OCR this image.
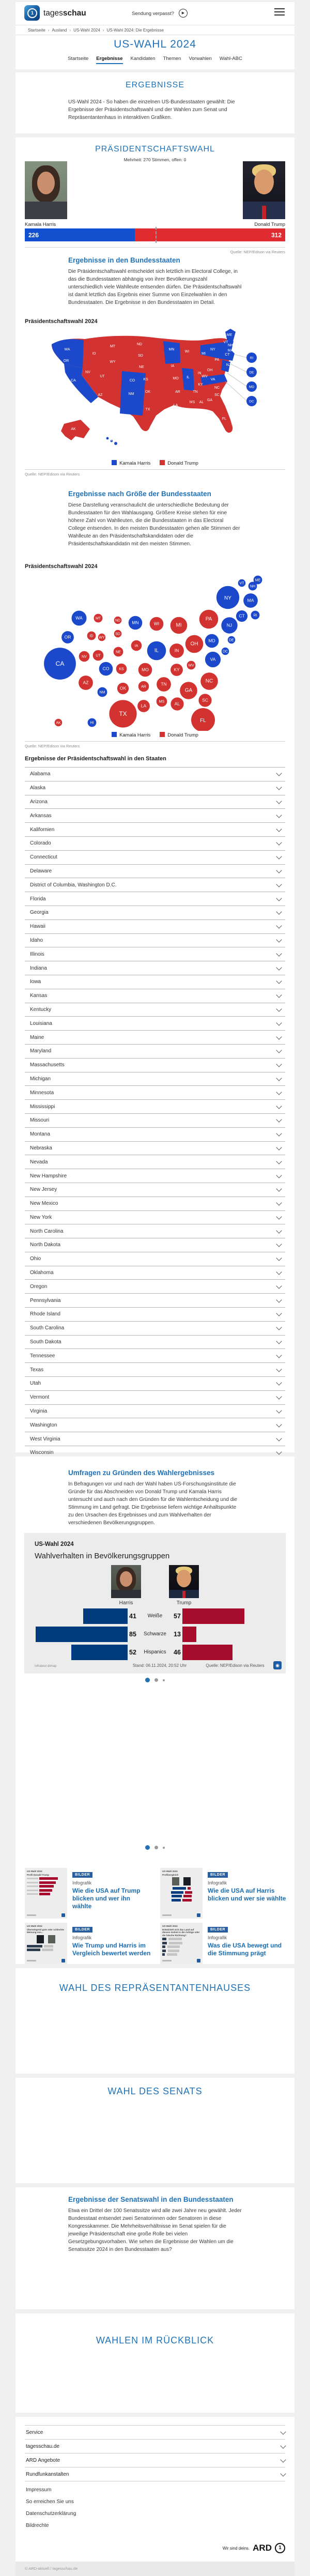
1	tagesschau	Sendung verpasst?	▶
Startseite › Ausland › US-Wahl 2024 › US-Wahl 2024: Die Ergebnisse
US-WAHL 2024
Startseite Ergebnisse Kandidaten Themen Vorwahlen Wahl-ABC
ERGEBNISSE
US-Wahl 2024 - So haben die einzelnen US-Bundesstaaten gewählt: Die Ergebnisse der Präsidentschaftswahl und der Wahlen zum Senat und Repräsentantenhaus in interaktiven Grafiken.
PRÄSIDENTSCHAFTSWAHL
Mehrheit: 270 Stimmen, offen: 0
Kamala Harris	Donald Trump
226	312
Quelle: NEP/Edison via Reuters
Ergebnisse in den Bundesstaaten
Die Präsidentschaftswahl entscheidet sich letztlich im Electoral College, in das die Bundesstaaten abhängig von ihrer Bevölkerungszahl unterschiedlich viele Wahlleute entsenden dürfen. Die Präsidentschaftswahl ist damit letztlich das Ergebnis einer Summe von Einzelwahlen in den Bundesstaaten. Die Ergebnisse in den Bundesstaaten im Detail.
Präsidentschaftswahl 2024
RI
DE
MD
DC
WA
OR
CA
NV
ID
MT
WY
UT
CO
AZ	NM
ND
SD
NE
KS
OK
TX
MN
IA
MO
AR
LA
WI
IL
MS
MI
IN
KY
TN
AL
OH
WV
VA
NC
SC
GA
FL
PA
NY
VT
NH
MA
CT
NJ
ME
AK
HI
Kamala Harris	Donald Trump
Quelle: NEP/Edison via Reuters
Ergebnisse nach Größe der Bundesstaaten
Diese Darstellung veranschaulicht die unterschiedliche Bedeutung der Bundesstaaten für den Wahlausgang. Größere Kreise stehen für eine höhere Zahl von Wahlleuten, die die Bundesstaaten in das Electoral College entsenden. In den meisten Bundesstaaten gehen alle Stimmen der Wahlleute an den Präsidentschaftskandidaten oder die Präsidentschaftskandidatin mit den meisten Stimmen.
Präsidentschaftswahl 2024
AL
AK
AZ
AR
CA
CO
CT
DE
DC
FL
GA
HI
ID
IL	IN
IA
KS	KY
LA
ME
MD
MA
MI
MN
MS
MO
MT
NE
NV
NH
NJ
NM
NY
NC
ND
OH
OK
OR
PA
RI
SC
SD
TN
TX
UT
VT
VA
WA
WV
WI
WY
Kamala Harris	Donald Trump
Quelle: NEP/Edison via Reuters
Ergebnisse der Präsidentschaftswahl in den Staaten
Alabama
Alaska
Arizona
Arkansas
Kalifornien
Colorado
Connecticut
Delaware
District of Columbia, Washington D.C.
Florida
Georgia
Hawaii
Idaho
Illinois
Indiana
Iowa
Kansas
Kentucky
Louisiana
Maine
Maryland
Massachusetts
Michigan
Minnesota
Mississippi
Missouri
Montana
Nebraska
Nevada
New Hampshire
New Jersey
New Mexico
New York
North Carolina
North Dakota
Ohio
Oklahoma
Oregon
Pennsylvania
Rhode Island
South Carolina
South Dakota
Tennessee
Texas
Utah
Vermont
Virginia
Washington
West Virginia
Wisconsin
Umfragen zu Gründen des Wahlergebnisses
In Befragungen vor und nach der Wahl haben US-Forschungsinstitute die Gründe für das Abschneiden von Donald Trump und Kamala Harris untersucht und auch nach den Gründen für die Wahlentscheidung und die Stimmung im Land gefragt. Die Ergebnisse liefern wichtige Anhaltspunkte zu den Ursachen des Ergebnisses und zum Wahlverhalten der verschiedenen Bevölkerungsgruppen.
US-Wahl 2024
Wahlverhalten in Bevölkerungsgruppen
Harris	Trump
41	Weiße	57
85	Schwarze	13
52	Hispanics	46
infratest dimap	Stand: 06.11.2024, 20:52 Uhr	Quelle: NEP/Edison via Reuters	◉
US-Wahl 2024
Profil Donald Trump	BILDER
Infografik
Wie die USA auf Trump blicken und wer ihn wählte
US-Wahl 2024
Profilvergleich	BILDER
Infografik
Wie die USA auf Harris blicken und wer sie wählte
US-Wahl 2024
Überwiegend gute oder schlechte Meinung von...
BILDER
Infografik
Wie Trump und Harris im Vergleich bewertet werden
US-Wahl 2024
Entwickelt sich das Land auf diesem Gebiet in die richtige oder die falsche Richtung?
BILDER
Infografik
Was die USA bewegt und die Stimmung prägt
WAHL DES REPRÄSENTANTENHAUSES
WAHL DES SENATS
Ergebnisse der Senatswahl in den Bundesstaaten
Etwa ein Drittel der 100 Senatssitze wird alle zwei Jahre neu gewählt. Jeder Bundesstaat entsendet zwei Senatorinnen oder Senatoren in diese Kongresskammer. Die Mehrheitsverhältnisse im Senat spielen für die jeweilige Präsidentschaft eine große Rolle bei vielen Gesetzgebungsvorhaben. Wie sehen die Ergebnisse der Wahlen um die Senatssitze 2024 in den Bundesstaaten aus?
WAHLEN IM RÜCKBLICK
Service
tagesschau.de
ARD Angebote
Rundfunkanstalten
Impressum
So erreichen Sie uns
Datenschutzerklärung
Bildrechte
Wir sind deins. ARD	1
© ARD-aktuell / tagesschau.de
